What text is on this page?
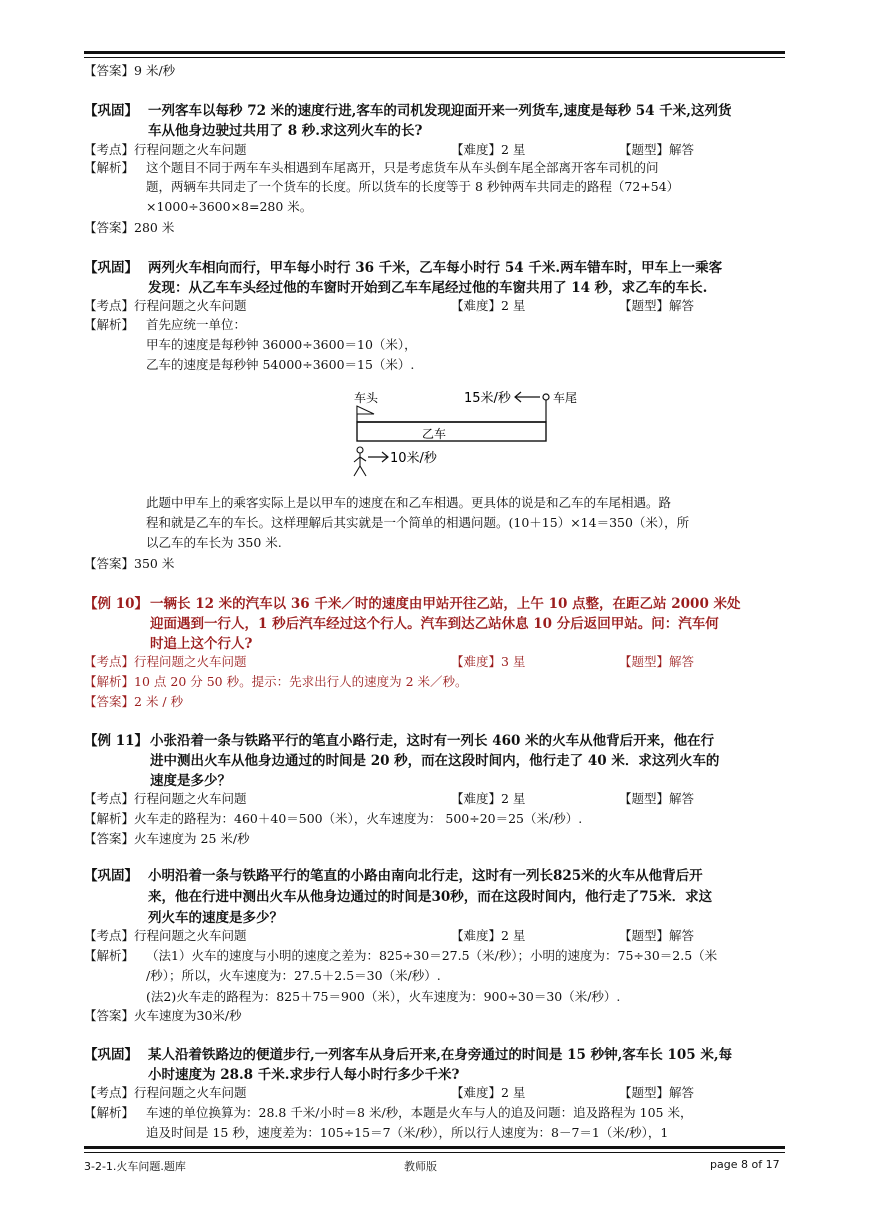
【答案】9 米/秒
【巩固】 一列客车以每秒 72 米的速度行进,客车的司机发现迎面开来一列货车,速度是每秒 54 千米,这列货
车从他身边驶过共用了 8 秒.求这列火车的长?
【考点】行程问题之火车问题	【难度】2 星	【题型】解答
【解析】 这个题目不同于两车车头相遇到车尾离开，只是考虑货车从车头倒车尾全部离开客车司机的问
题，两辆车共同走了一个货车的长度。所以货车的长度等于 8 秒钟两车共同走的路程（72+54）
×1000÷3600×8=280 米。
【答案】280 米
【巩固】 两列火车相向而行，甲车每小时行 36 千米，乙车每小时行 54 千米.两车错车时，甲车上一乘客
发现：从乙车车头经过他的车窗时开始到乙车车尾经过他的车窗共用了 14 秒，求乙车的车长.
【考点】行程问题之火车问题	【难度】2 星	【题型】解答
【解析】 首先应统一单位：
甲车的速度是每秒钟 36000÷3600＝10（米），
乙车的速度是每秒钟 54000÷3600＝15（米）.
车头	15米/秒	车尾
乙车
10米/秒
此题中甲车上的乘客实际上是以甲车的速度在和乙车相遇。更具体的说是和乙车的车尾相遇。路
程和就是乙车的车长。这样理解后其实就是一个简单的相遇问题。(10＋15）×14＝350（米），所
以乙车的车长为 350 米.
【答案】350 米
【例 10】 一辆长 12 米的汽车以 36 千米／时的速度由甲站开往乙站，上午 10 点整，在距乙站 2000 米处
迎面遇到一行人，1 秒后汽车经过这个行人。汽车到达乙站休息 10 分后返回甲站。问：汽车何
时追上这个行人?
【考点】行程问题之火车问题	【难度】3 星	【题型】解答
【解析】10 点 20 分 50 秒。提示：先求出行人的速度为 2 米／秒。
【答案】2 米 / 秒
【例 11】 小张沿着一条与铁路平行的笔直小路行走，这时有一列长 460 米的火车从他背后开来，他在行
进中测出火车从他身边通过的时间是 20 秒，而在这段时间内，他行走了 40 米．求这列火车的
速度是多少？
【考点】行程问题之火车问题	【难度】2 星	【题型】解答
【解析】火车走的路程为：460＋40＝500（米），火车速度为： 500÷20＝25（米/秒）.
【答案】火车速度为 25 米/秒
【巩固】 小明沿着一条与铁路平行的笔直的小路由南向北行走，这时有一列长825米的火车从他背后开
来，他在行进中测出火车从他身边通过的时间是30秒，而在这段时间内，他行走了75米．求这
列火车的速度是多少？
【考点】行程问题之火车问题	【难度】2 星	【题型】解答
【解析】 （法1）火车的速度与小明的速度之差为：825÷30＝27.5（米/秒）；小明的速度为：75÷30＝2.5（米
/秒）；所以，火车速度为：27.5＋2.5＝30（米/秒）.
(法2)火车走的路程为：825＋75＝900（米），火车速度为：900÷30＝30（米/秒）.
【答案】火车速度为30米/秒
【巩固】 某人沿着铁路边的便道步行,一列客车从身后开来,在身旁通过的时间是 15 秒钟,客车长 105 米,每
小时速度为 28.8 千米.求步行人每小时行多少千米?
【考点】行程问题之火车问题	【难度】2 星	【题型】解答
【解析】 车速的单位换算为：28.8 千米/小时＝8 米/秒，本题是火车与人的追及问题：追及路程为 105 米，
追及时间是 15 秒，速度差为：105÷15＝7（米/秒），所以行人速度为：8－7＝1（米/秒），1
3-2-1.火车问题.题库	教师版	page 8 of 17
